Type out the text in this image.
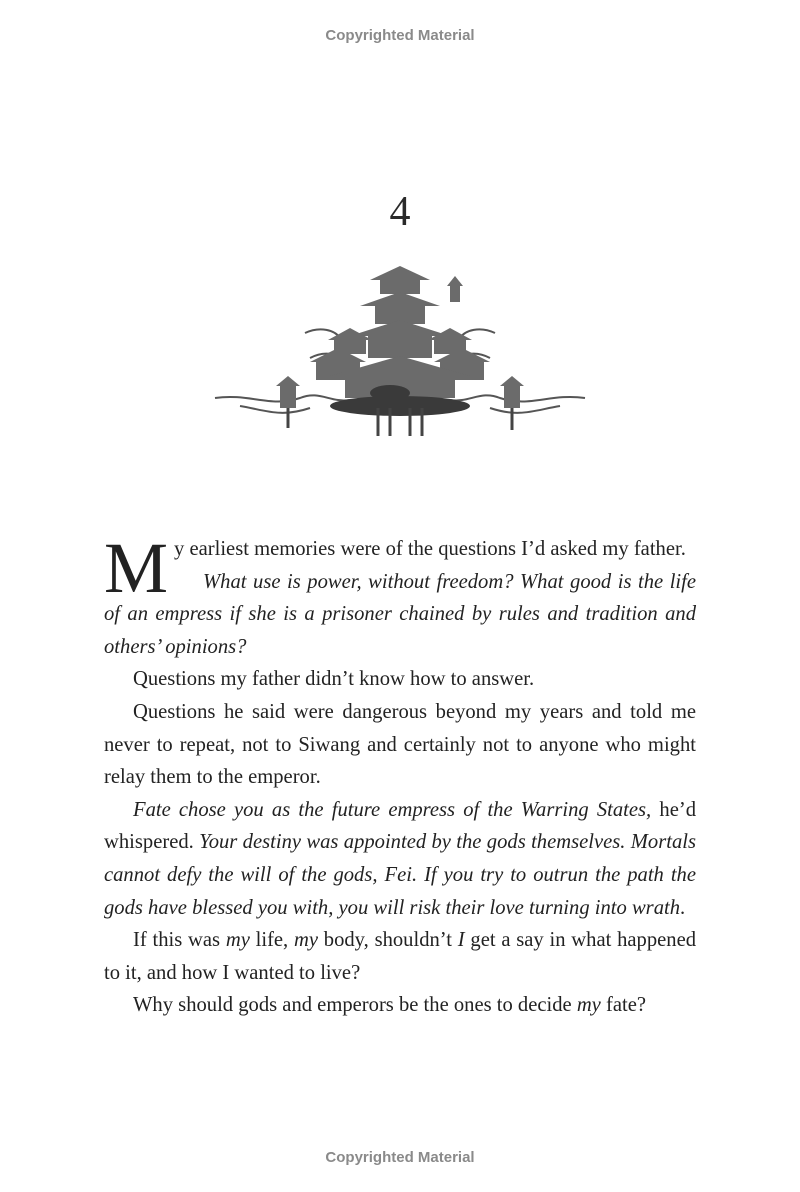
Copyrighted Material
4

My earliest memories were of the questions I’d asked my father.

What use is power, without freedom? What good is the life of an empress if she is a prisoner chained by rules and tradition and others’ opinions?

Questions my father didn’t know how to answer.

Questions he said were dangerous beyond my years and told me never to repeat, not to Siwang and certainly not to anyone who might relay them to the emperor.

Fate chose you as the future empress of the Warring States, he’d whispered. Your destiny was appointed by the gods themselves. Mortals cannot defy the will of the gods, Fei. If you try to outrun the path the gods have blessed you with, you will risk their love turning into wrath.

If this was my life, my body, shouldn’t I get a say in what happened to it, and how I wanted to live?

Why should gods and emperors be the ones to decide my fate?

Copyrighted Material
